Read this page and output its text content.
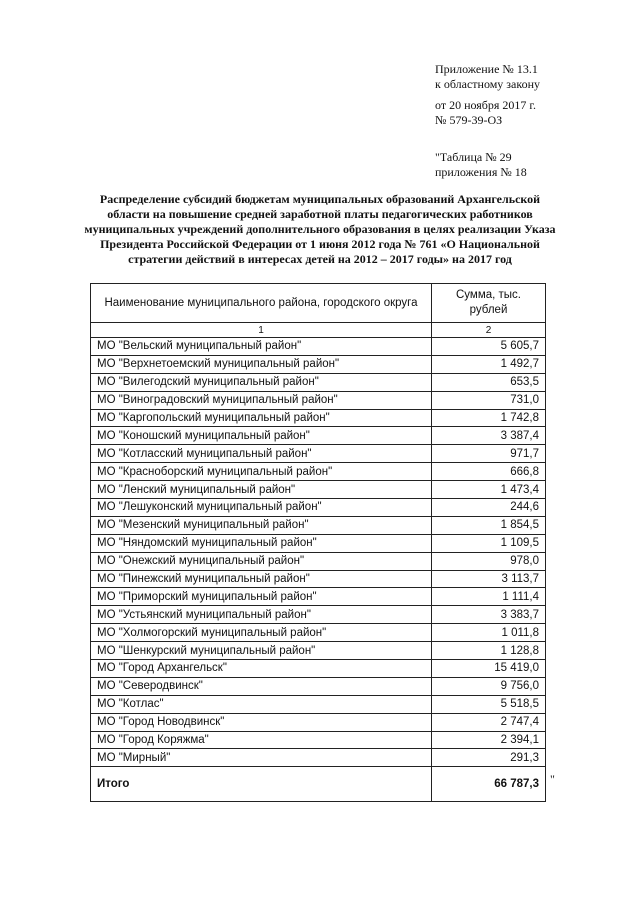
Приложение № 13.1
к областному закону
от 20 ноября 2017 г.
№ 579-39-ОЗ
"Таблица № 29
приложения № 18
Распределение субсидий бюджетам муниципальных образований Архангельской области на повышение средней заработной платы педагогических работников муниципальных учреждений дополнительного образования в целях реализации Указа Президента Российской Федерации от 1 июня 2012 года № 761 «О Национальной стратегии действий в интересах детей на 2012 – 2017 годы» на 2017 год
Наименование муниципального района, городского округа	Сумма, тыс. рублей
1	2
МО "Вельский муниципальный район"	5 605,7
МО "Верхнетоемский муниципальный район"	1 492,7
МО "Вилегодский муниципальный район"	653,5
МО "Виноградовский муниципальный район"	731,0
МО "Каргопольский муниципальный район"	1 742,8
МО "Коношский муниципальный район"	3 387,4
МО "Котласский муниципальный район"	971,7
МО "Красноборский муниципальный район"	666,8
МО "Ленский муниципальный район"	1 473,4
МО "Лешуконский муниципальный район"	244,6
МО "Мезенский муниципальный район"	1 854,5
МО "Няндомский муниципальный район"	1 109,5
МО "Онежский муниципальный район"	978,0
МО "Пинежский муниципальный район"	3 113,7
МО "Приморский муниципальный район"	1 111,4
МО "Устьянский муниципальный район"	3 383,7
МО "Холмогорский муниципальный район"	1 011,8
МО "Шенкурский муниципальный район"	1 128,8
МО "Город Архангельск"	15 419,0
МО "Северодвинск"	9 756,0
МО "Котлас"	5 518,5
МО "Город Новодвинск"	2 747,4
МО "Город Коряжма"	2 394,1
МО "Мирный"	291,3
Итого	66 787,3 "
